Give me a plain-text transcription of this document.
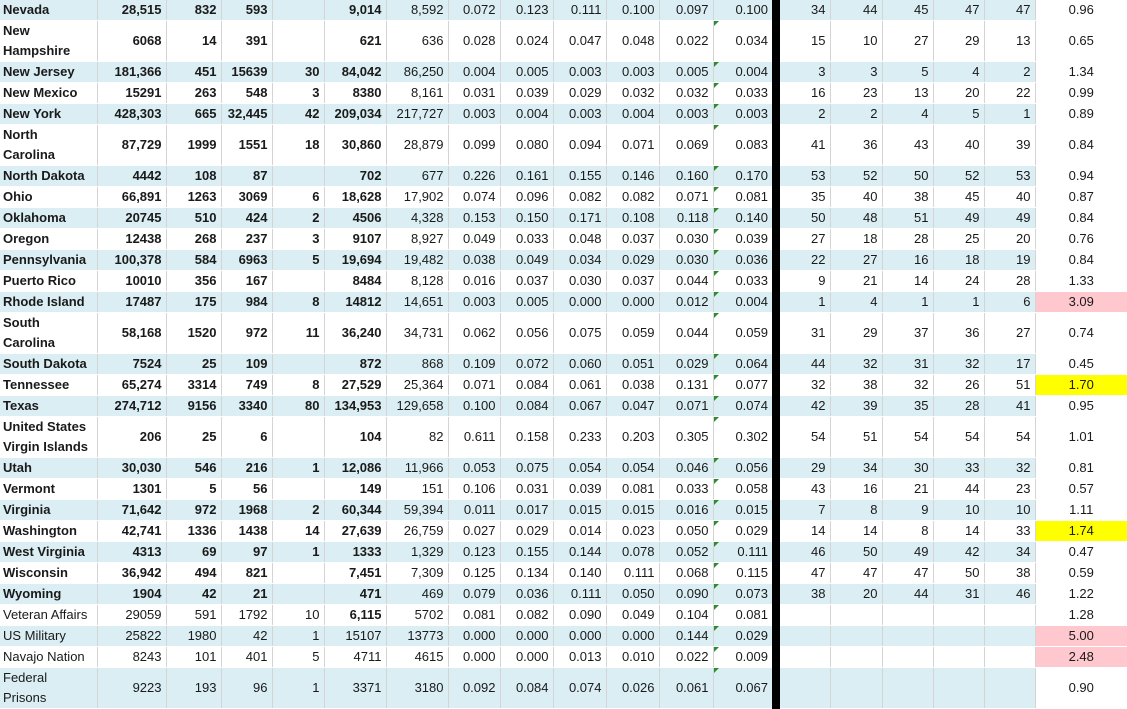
Nevada	28,515	832	593		9,014	8,592	0.072	0.123	0.111	0.100	0.097	0.100		34	44	45	47	47	0.96
New Hampshire	6068	14	391		621	636	0.028	0.024	0.047	0.048	0.022	0.034		15	10	27	29	13	0.65
New Jersey	181,366	451	15639	30	84,042	86,250	0.004	0.005	0.003	0.003	0.005	0.004		3	3	5	4	2	1.34
New Mexico	15291	263	548	3	8380	8,161	0.031	0.039	0.029	0.032	0.032	0.033		16	23	13	20	22	0.99
New York	428,303	665	32,445	42	209,034	217,727	0.003	0.004	0.003	0.004	0.003	0.003		2	2	4	5	1	0.89
North Carolina	87,729	1999	1551	18	30,860	28,879	0.099	0.080	0.094	0.071	0.069	0.083		41	36	43	40	39	0.84
North Dakota	4442	108	87		702	677	0.226	0.161	0.155	0.146	0.160	0.170		53	52	50	52	53	0.94
Ohio	66,891	1263	3069	6	18,628	17,902	0.074	0.096	0.082	0.082	0.071	0.081		35	40	38	45	40	0.87
Oklahoma	20745	510	424	2	4506	4,328	0.153	0.150	0.171	0.108	0.118	0.140		50	48	51	49	49	0.84
Oregon	12438	268	237	3	9107	8,927	0.049	0.033	0.048	0.037	0.030	0.039		27	18	28	25	20	0.76
Pennsylvania	100,378	584	6963	5	19,694	19,482	0.038	0.049	0.034	0.029	0.030	0.036		22	27	16	18	19	0.84
Puerto Rico	10010	356	167		8484	8,128	0.016	0.037	0.030	0.037	0.044	0.033		9	21	14	24	28	1.33
Rhode Island	17487	175	984	8	14812	14,651	0.003	0.005	0.000	0.000	0.012	0.004		1	4	1	1	6	3.09
South Carolina	58,168	1520	972	11	36,240	34,731	0.062	0.056	0.075	0.059	0.044	0.059		31	29	37	36	27	0.74
South Dakota	7524	25	109		872	868	0.109	0.072	0.060	0.051	0.029	0.064		44	32	31	32	17	0.45
Tennessee	65,274	3314	749	8	27,529	25,364	0.071	0.084	0.061	0.038	0.131	0.077		32	38	32	26	51	1.70
Texas	274,712	9156	3340	80	134,953	129,658	0.100	0.084	0.067	0.047	0.071	0.074		42	39	35	28	41	0.95
United States Virgin Islands	206	25	6		104	82	0.611	0.158	0.233	0.203	0.305	0.302		54	51	54	54	54	1.01
Utah	30,030	546	216	1	12,086	11,966	0.053	0.075	0.054	0.054	0.046	0.056		29	34	30	33	32	0.81
Vermont	1301	5	56		149	151	0.106	0.031	0.039	0.081	0.033	0.058		43	16	21	44	23	0.57
Virginia	71,642	972	1968	2	60,344	59,394	0.011	0.017	0.015	0.015	0.016	0.015		7	8	9	10	10	1.11
Washington	42,741	1336	1438	14	27,639	26,759	0.027	0.029	0.014	0.023	0.050	0.029		14	14	8	14	33	1.74
West Virginia	4313	69	97	1	1333	1,329	0.123	0.155	0.144	0.078	0.052	0.111		46	50	49	42	34	0.47
Wisconsin	36,942	494	821		7,451	7,309	0.125	0.134	0.140	0.111	0.068	0.115		47	47	47	50	38	0.59
Wyoming	1904	42	21		471	469	0.079	0.036	0.111	0.050	0.090	0.073		38	20	44	31	46	1.22
Veteran Affairs	29059	591	1792	10	6,115	5702	0.081	0.082	0.090	0.049	0.104	0.081							1.28
US Military	25822	1980	42	1	15107	13773	0.000	0.000	0.000	0.000	0.144	0.029							5.00
Navajo Nation	8243	101	401	5	4711	4615	0.000	0.000	0.013	0.010	0.022	0.009							2.48
Federal Prisons	9223	193	96	1	3371	3180	0.092	0.084	0.074	0.026	0.061	0.067							0.90
